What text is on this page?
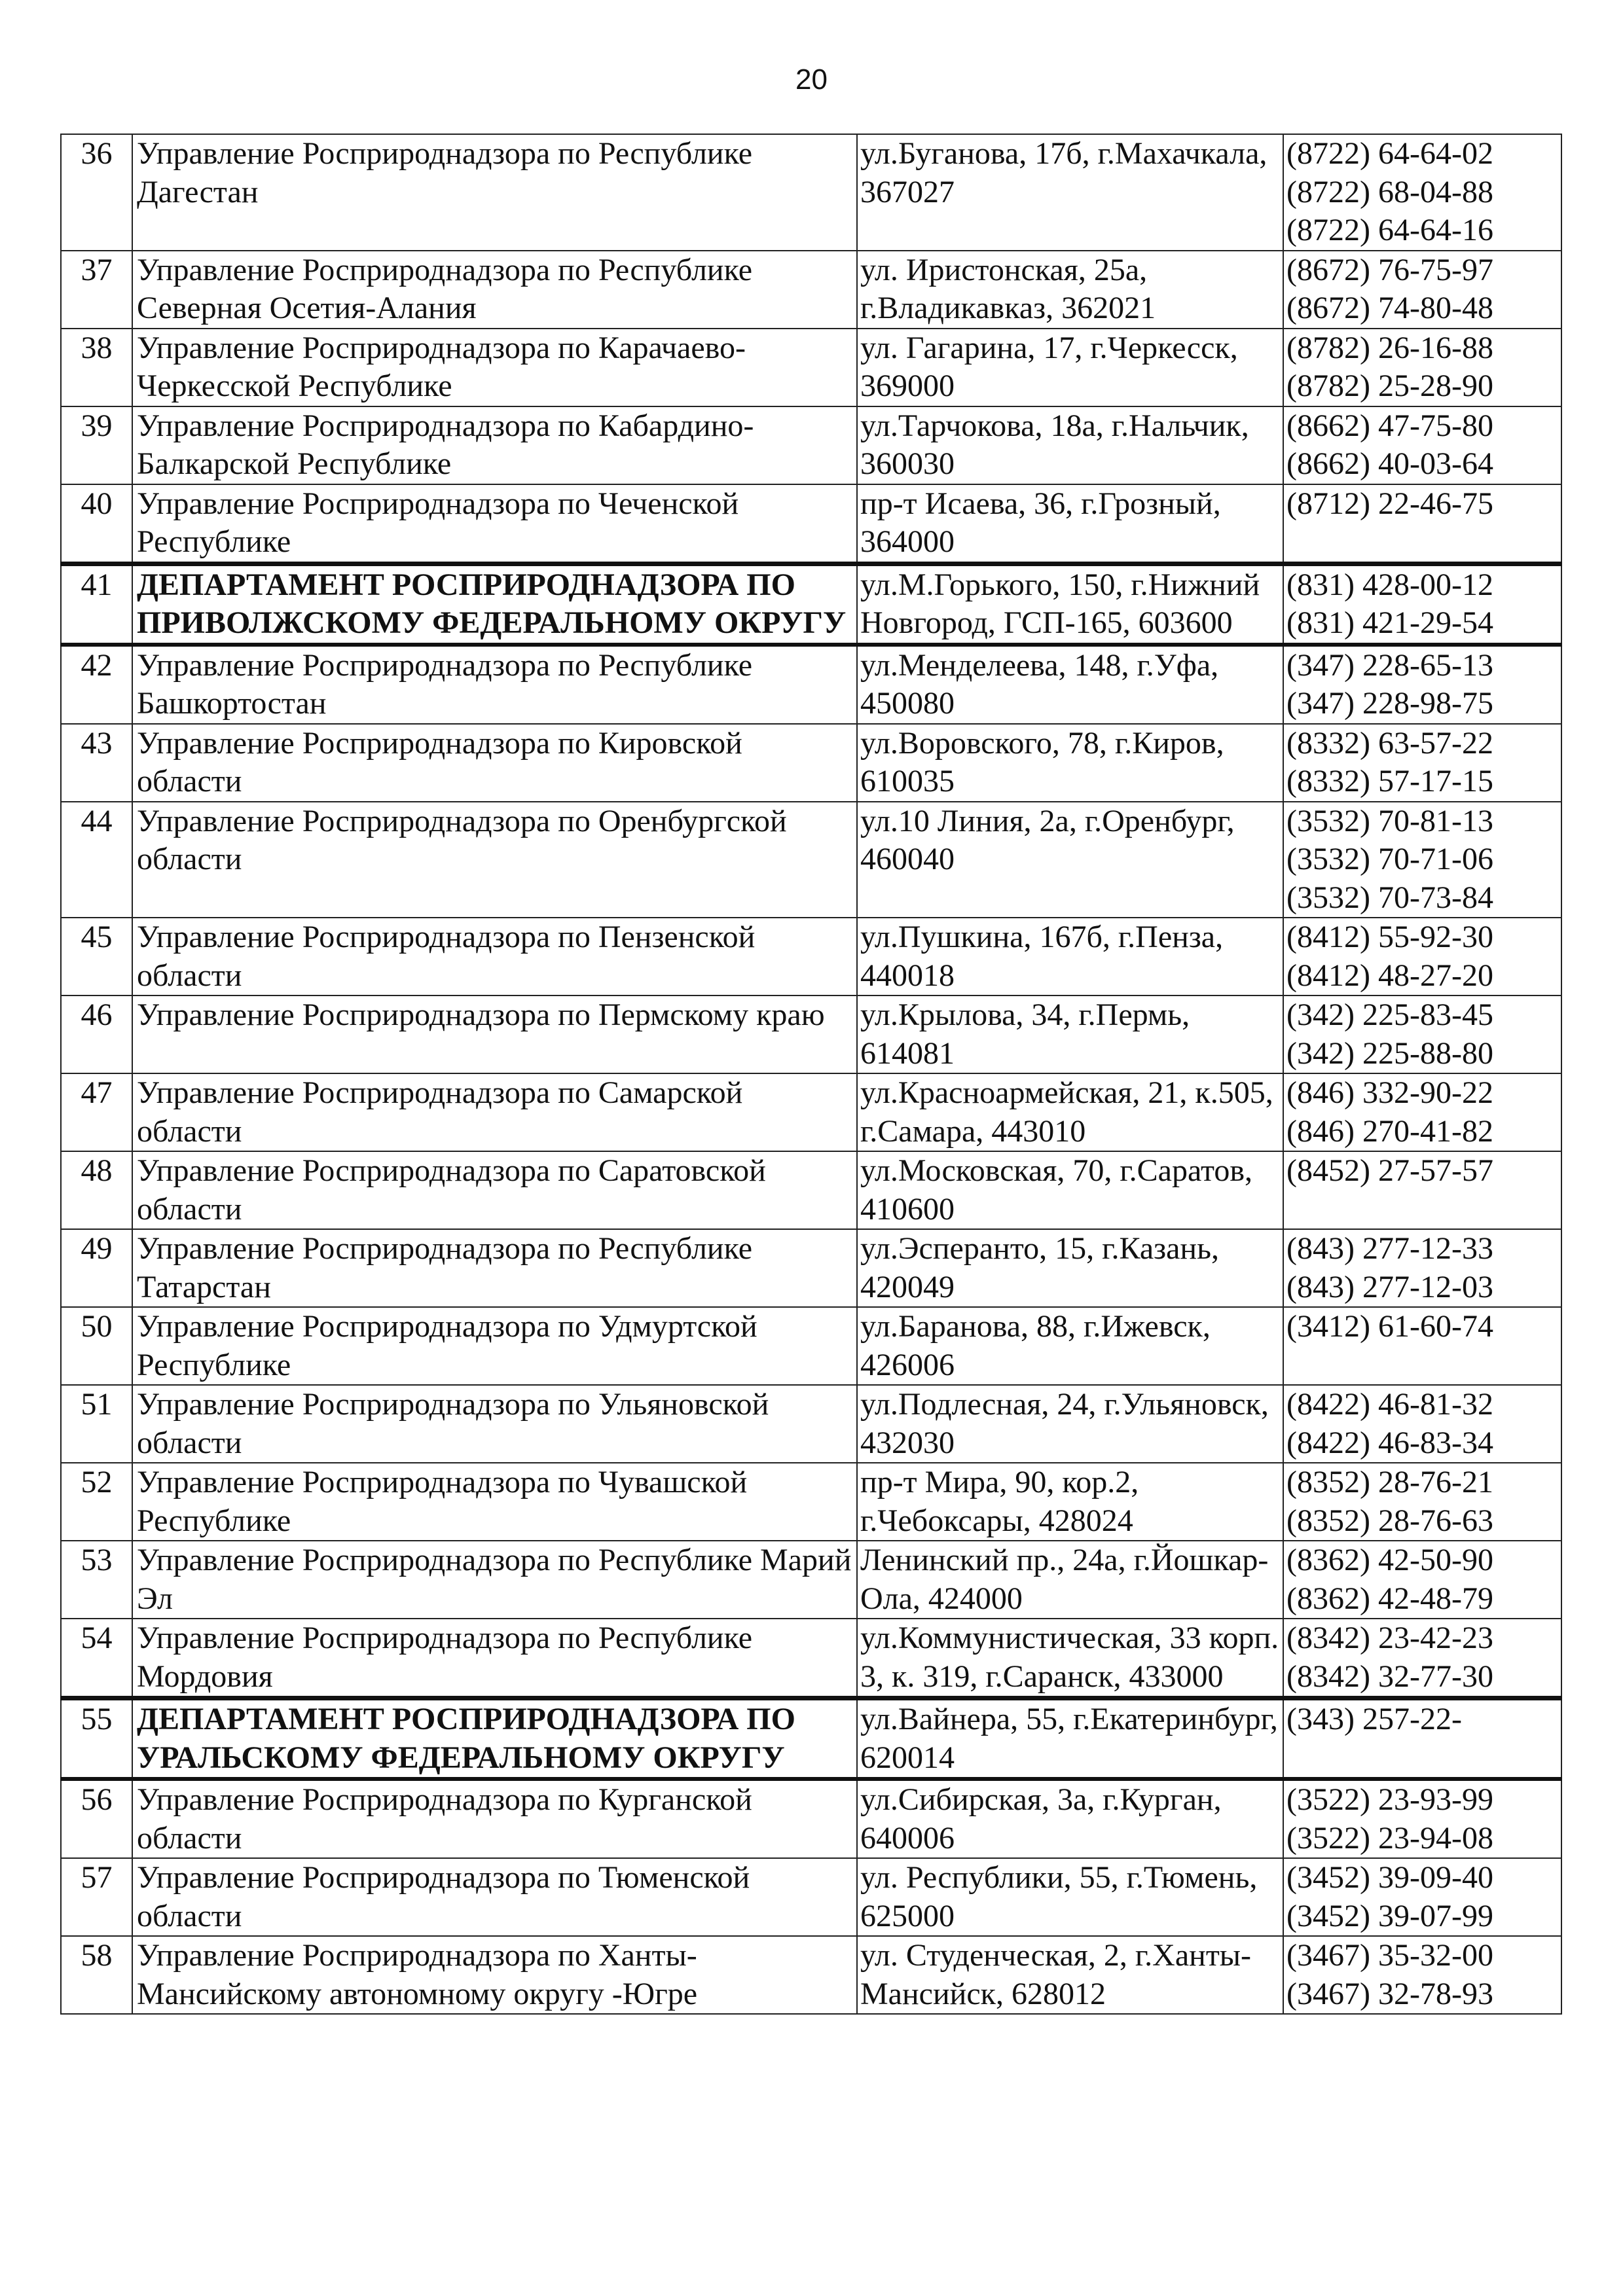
20
36	Управление Росприроднадзора по Республике Дагестан	ул.Буганова, 17б, г.Махачкала, 367027	(8722) 64-64-02
(8722) 68-04-88
(8722) 64-64-16
37	Управление Росприроднадзора по Республике Северная Осетия-Алания	ул. Иристонская, 25а, г.Владикавказ, 362021	(8672) 76-75-97
(8672) 74-80-48
38	Управление Росприроднадзора по Карачаево-Черкесской Республике	ул. Гагарина, 17, г.Черкесск, 369000	(8782) 26-16-88
(8782) 25-28-90
39	Управление Росприроднадзора по Кабардино-Балкарской Республике	ул.Тарчокова, 18а, г.Нальчик, 360030	(8662) 47-75-80
(8662) 40-03-64
40	Управление Росприроднадзора по Чеченской Республике	пр-т Исаева, 36, г.Грозный, 364000	(8712) 22-46-75
41	ДЕПАРТАМЕНТ РОСПРИРОДНАДЗОРА ПО ПРИВОЛЖСКОМУ ФЕДЕРАЛЬНОМУ ОКРУГУ	ул.М.Горького, 150, г.Нижний Новгород, ГСП-165, 603600	(831) 428-00-12
(831) 421-29-54
42	Управление Росприроднадзора по Республике Башкортостан	ул.Менделеева, 148, г.Уфа, 450080	(347) 228-65-13
(347) 228-98-75
43	Управление Росприроднадзора по Кировской области	ул.Воровского, 78, г.Киров, 610035	(8332) 63-57-22
(8332) 57-17-15
44	Управление Росприроднадзора по Оренбургской области	ул.10 Линия, 2а, г.Оренбург, 460040	(3532) 70-81-13
(3532) 70-71-06
(3532) 70-73-84
45	Управление Росприроднадзора по Пензенской области	ул.Пушкина, 167б, г.Пенза, 440018	(8412) 55-92-30
(8412) 48-27-20
46	Управление Росприроднадзора по Пермскому краю	ул.Крылова, 34, г.Пермь, 614081	(342) 225-83-45
(342) 225-88-80
47	Управление Росприроднадзора по Самарской области	ул.Красноармейская, 21, к.505, г.Самара, 443010	(846) 332-90-22
(846) 270-41-82
48	Управление Росприроднадзора по Саратовской области	ул.Московская, 70, г.Саратов, 410600	(8452) 27-57-57
49	Управление Росприроднадзора по Республике Татарстан	ул.Эсперанто, 15, г.Казань, 420049	(843) 277-12-33
(843) 277-12-03
50	Управление Росприроднадзора по Удмуртской Республике	ул.Баранова, 88, г.Ижевск, 426006	(3412) 61-60-74
51	Управление Росприроднадзора по Ульяновской области	ул.Подлесная, 24, г.Ульяновск, 432030	(8422) 46-81-32
(8422) 46-83-34
52	Управление Росприроднадзора по Чувашской Республике	пр-т Мира, 90, кор.2, г.Чебоксары, 428024	(8352) 28-76-21
(8352) 28-76-63
53	Управление Росприроднадзора по Республике Марий Эл	Ленинский пр., 24а, г.Йошкар-Ола, 424000	(8362) 42-50-90
(8362) 42-48-79
54	Управление Росприроднадзора по Республике Мордовия	ул.Коммунистическая, 33 корп. 3, к. 319, г.Саранск, 433000	(8342) 23-42-23
(8342) 32-77-30
55	ДЕПАРТАМЕНТ РОСПРИРОДНАДЗОРА ПО УРАЛЬСКОМУ ФЕДЕРАЛЬНОМУ ОКРУГУ	ул.Вайнера, 55, г.Екатеринбург, 620014	(343) 257-22-
56	Управление Росприроднадзора по Курганской области	ул.Сибирская, 3а, г.Курган, 640006	(3522) 23-93-99
(3522) 23-94-08
57	Управление Росприроднадзора по Тюменской области	ул. Республики, 55, г.Тюмень, 625000	(3452) 39-09-40
(3452) 39-07-99
58	Управление Росприроднадзора по Ханты-Мансийскому автономному округу -Югре	ул. Студенческая, 2, г.Ханты-Мансийск, 628012	(3467) 35-32-00
(3467) 32-78-93
